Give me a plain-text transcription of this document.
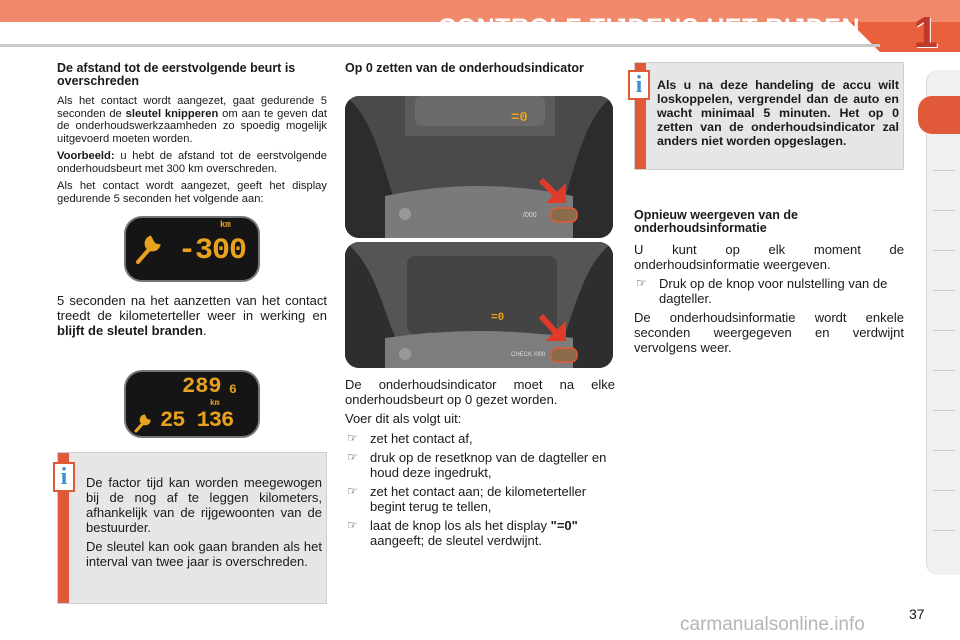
CONTROLE TIJDENS HET RIJDEN 1
De afstand tot de eerstvolgende beurt is overschreden

Als het contact wordt aangezet, gaat gedurende 5 seconden de sleutel knipperen om aan te geven dat de onderhoudswerkzaamheden zo spoedig mogelijk uitgevoerd moeten worden.

Voorbeeld: u hebt de afstand tot de eerstvolgende onderhoudsbeurt met 300 km overschreden.

Als het contact wordt aangezet, geeft het display gedurende 5 seconden het volgende aan:

km
-300

5 seconden na het aanzetten van het contact treedt de kilometerteller weer in werking en blijft de sleutel branden.

289 6
km
25 136

De factor tijd kan worden meegewogen bij de nog af te leggen kilometers, afhankelijk van de rijgewoonten van de bestuurder.

De sleutel kan ook gaan branden als het interval van twee jaar is overschreden.

i
Op 0 zetten van de onderhoudsindicator
=0
/000
=0
CHECK /000

De onderhoudsindicator moet na elke onderhoudsbeurt op 0 gezet worden.

Voer dit als volgt uit:

☞ zet het contact af,
☞ druk op de resetknop van de dagteller en houd deze ingedrukt,
☞ zet het contact aan; de kilometerteller begint terug te tellen,
☞ laat de knop los als het display "=0" aangeeft; de sleutel verdwijnt.
Als u na deze handeling de accu wilt loskoppelen, vergrendel dan de auto en wacht minimaal 5 minuten. Het op 0 zetten van de onderhoudsindicator zal anders niet worden opgeslagen.
i
Opnieuw weergeven van de onderhoudsinformatie

U kunt op elk moment de onderhoudsinformatie weergeven.

☞ Druk op de knop voor nulstelling van de dagteller.

De onderhoudsinformatie wordt enkele seconden weergegeven en verdwijnt vervolgens weer.

37
carmanualsonline.info
